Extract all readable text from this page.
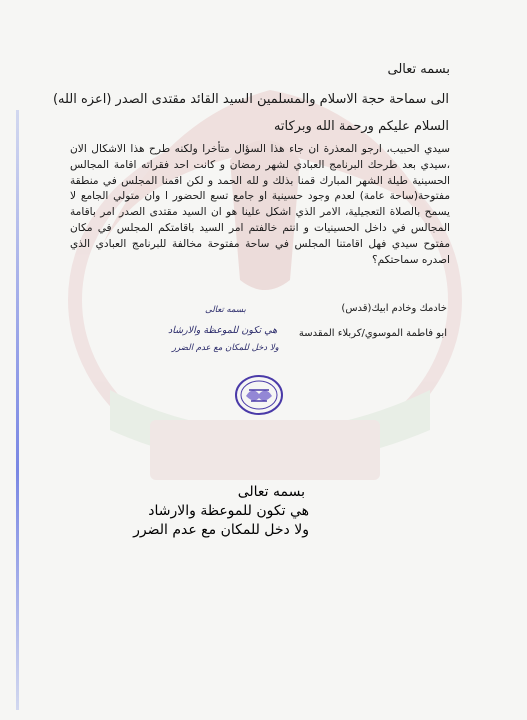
بسمه تعالى
الى سماحة حجة الاسلام والمسلمين السيد القائد مقتدى الصدر (اعزه الله)
السلام عليكم ورحمة الله وبركاته
سيدي الحبيب، ارجو المعذرة ان جاء هذا السؤال متأخرا ولكنه طرح هذا الاشكال الان ،سيدي بعد طرحك البرنامج العبادي لشهر رمضان و كانت احد فقراته اقامة المجالس الحسينية طيلة الشهر المبارك قمنا بذلك و لله الحمد و لكن اقمنا المجلس في منطقة مفتوحة(ساحة عامة) لعدم وجود حسينية او جامع تسع الحضور ا وان متولي الجامع لا يسمح بالصلاة التعجيلية، الامر الذي اشكل علينا هو ان السيد مقتدى الصدر امر باقامة المجالس في داخل الحسينيات و انتم خالفتم امر السيد باقامتكم المجلس في مكان مفتوح سيدي فهل اقامتنا المجلس في ساحة مفتوحة مخالفة للبرنامج العبادي الذي اصدره سماحتكم؟
خادمك وخادم ابيك(قدس)
ابو فاطمة الموسوي/كربلاء المقدسة
بسمه تعالى
هي تكون للموعظة والارشاد
ولا دخل للمكان مع عدم الضرر
بسمه تعالى
هي تكون للموعظة والارشاد
ولا دخل للمكان مع عدم الضرر
